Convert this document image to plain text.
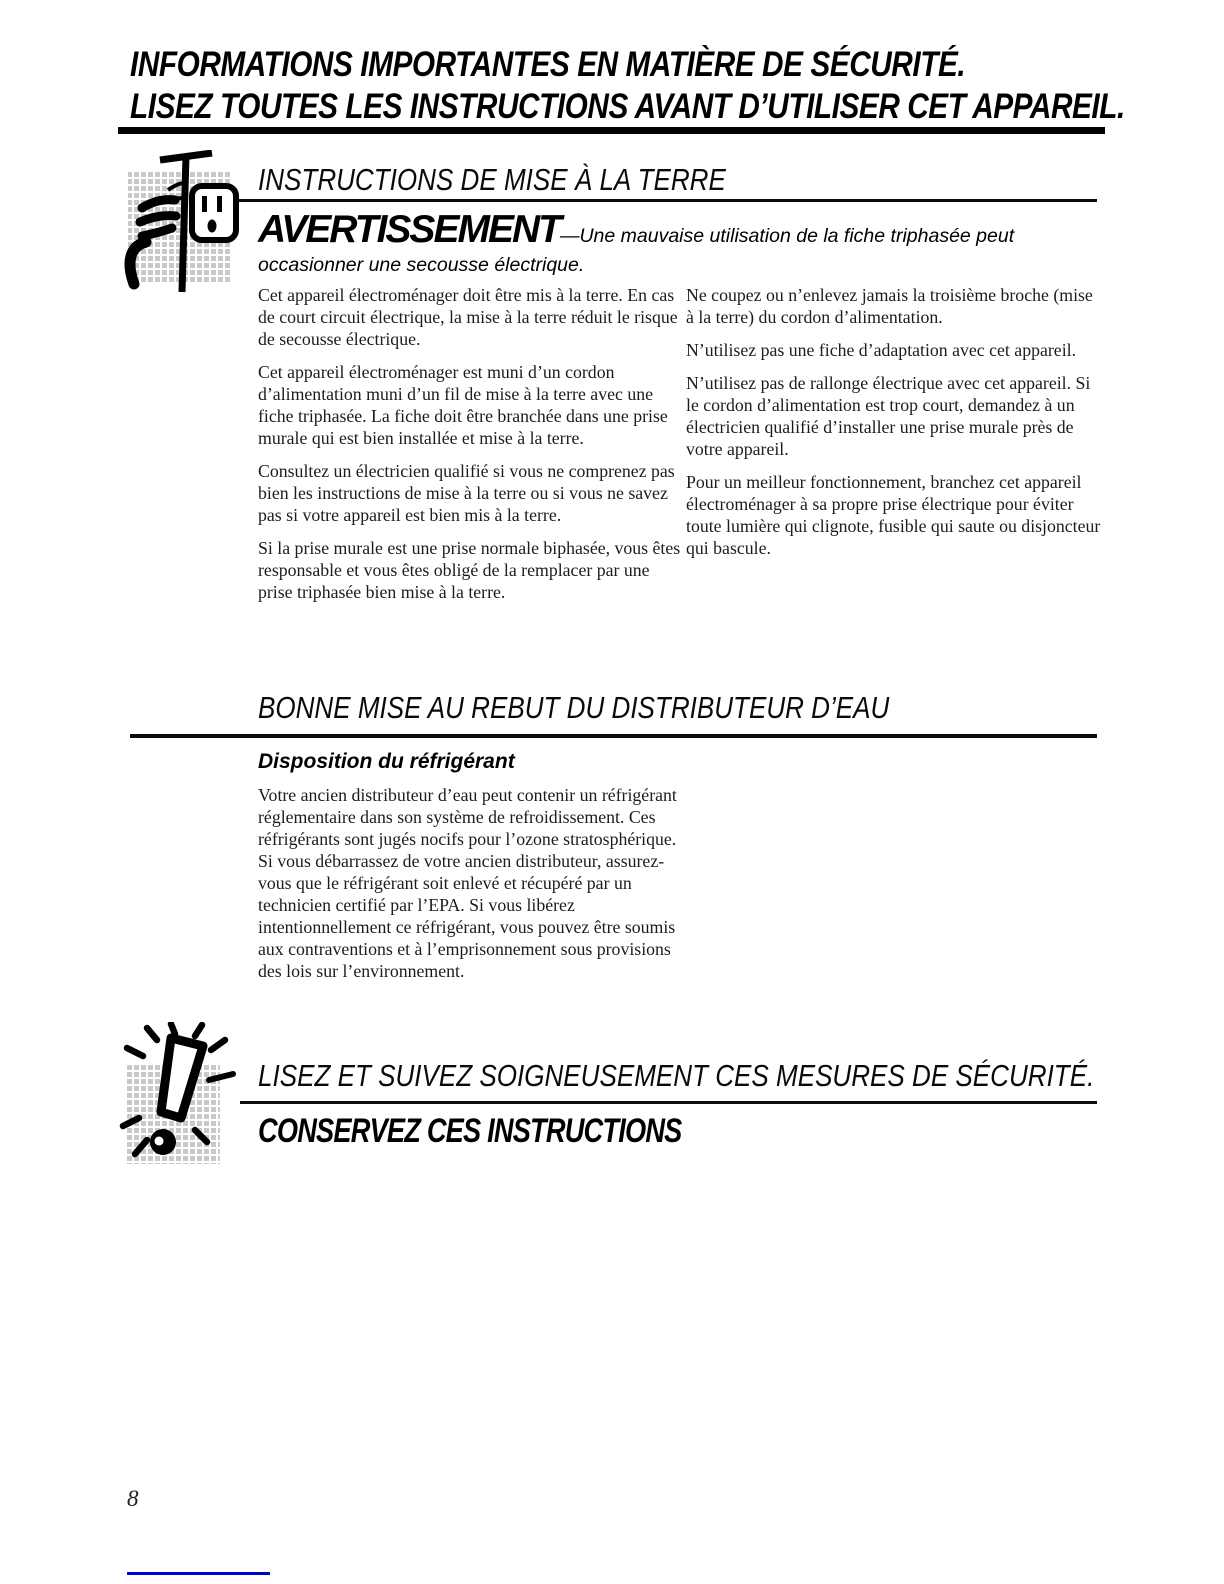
INFORMATIONS IMPORTANTES EN MATIÈRE DE SÉCURITÉ.
LISEZ TOUTES LES INSTRUCTIONS AVANT D’UTILISER CET APPAREIL.
INSTRUCTIONS DE MISE À LA TERRE
AVERTISSEMENT—Une mauvaise utilisation de la fiche triphasée peut occasionner une secousse électrique.

Cet appareil électroménager doit être mis à la terre. En cas de court circuit électrique, la mise à la terre réduit le risque de secousse électrique.

Cet appareil électroménager est muni d’un cordon d’alimentation muni d’un fil de mise à la terre avec une fiche triphasée. La fiche doit être branchée dans une prise murale qui est bien installée et mise à la terre.

Consultez un électricien qualifié si vous ne comprenez pas bien les instructions de mise à la terre ou si vous ne savez pas si votre appareil est bien mis à la terre.

Si la prise murale est une prise normale biphasée, vous êtes responsable et vous êtes obligé de la remplacer par une prise triphasée bien mise à la terre.

Ne coupez ou n’enlevez jamais la troisième broche (mise à la terre) du cordon d’alimentation.

N’utilisez pas une fiche d’adaptation avec cet appareil.

N’utilisez pas de rallonge électrique avec cet appareil. Si le cordon d’alimentation est trop court, demandez à un électricien qualifié d’installer une prise murale près de votre appareil.

Pour un meilleur fonctionnement, branchez cet appareil électroménager à sa propre prise électrique pour éviter toute lumière qui clignote, fusible qui saute ou disjoncteur qui bascule.

BONNE MISE AU REBUT DU DISTRIBUTEUR D’EAU
Disposition du réfrigérant

Votre ancien distributeur d’eau peut contenir un réfrigérant réglementaire dans son système de refroidissement. Ces réfrigérants sont jugés nocifs pour l’ozone stratosphérique. Si vous débarrassez de votre ancien distributeur, assurez-vous que le réfrigérant soit enlevé et récupéré par un technicien certifié par l’EPA. Si vous libérez intentionnellement ce réfrigérant, vous pouvez être soumis aux contraventions et à l’emprisonnement sous provisions des lois sur l’environnement.

LISEZ ET SUIVEZ SOIGNEUSEMENT CES MESURES DE SÉCURITÉ.
CONSERVEZ CES INSTRUCTIONS
8
